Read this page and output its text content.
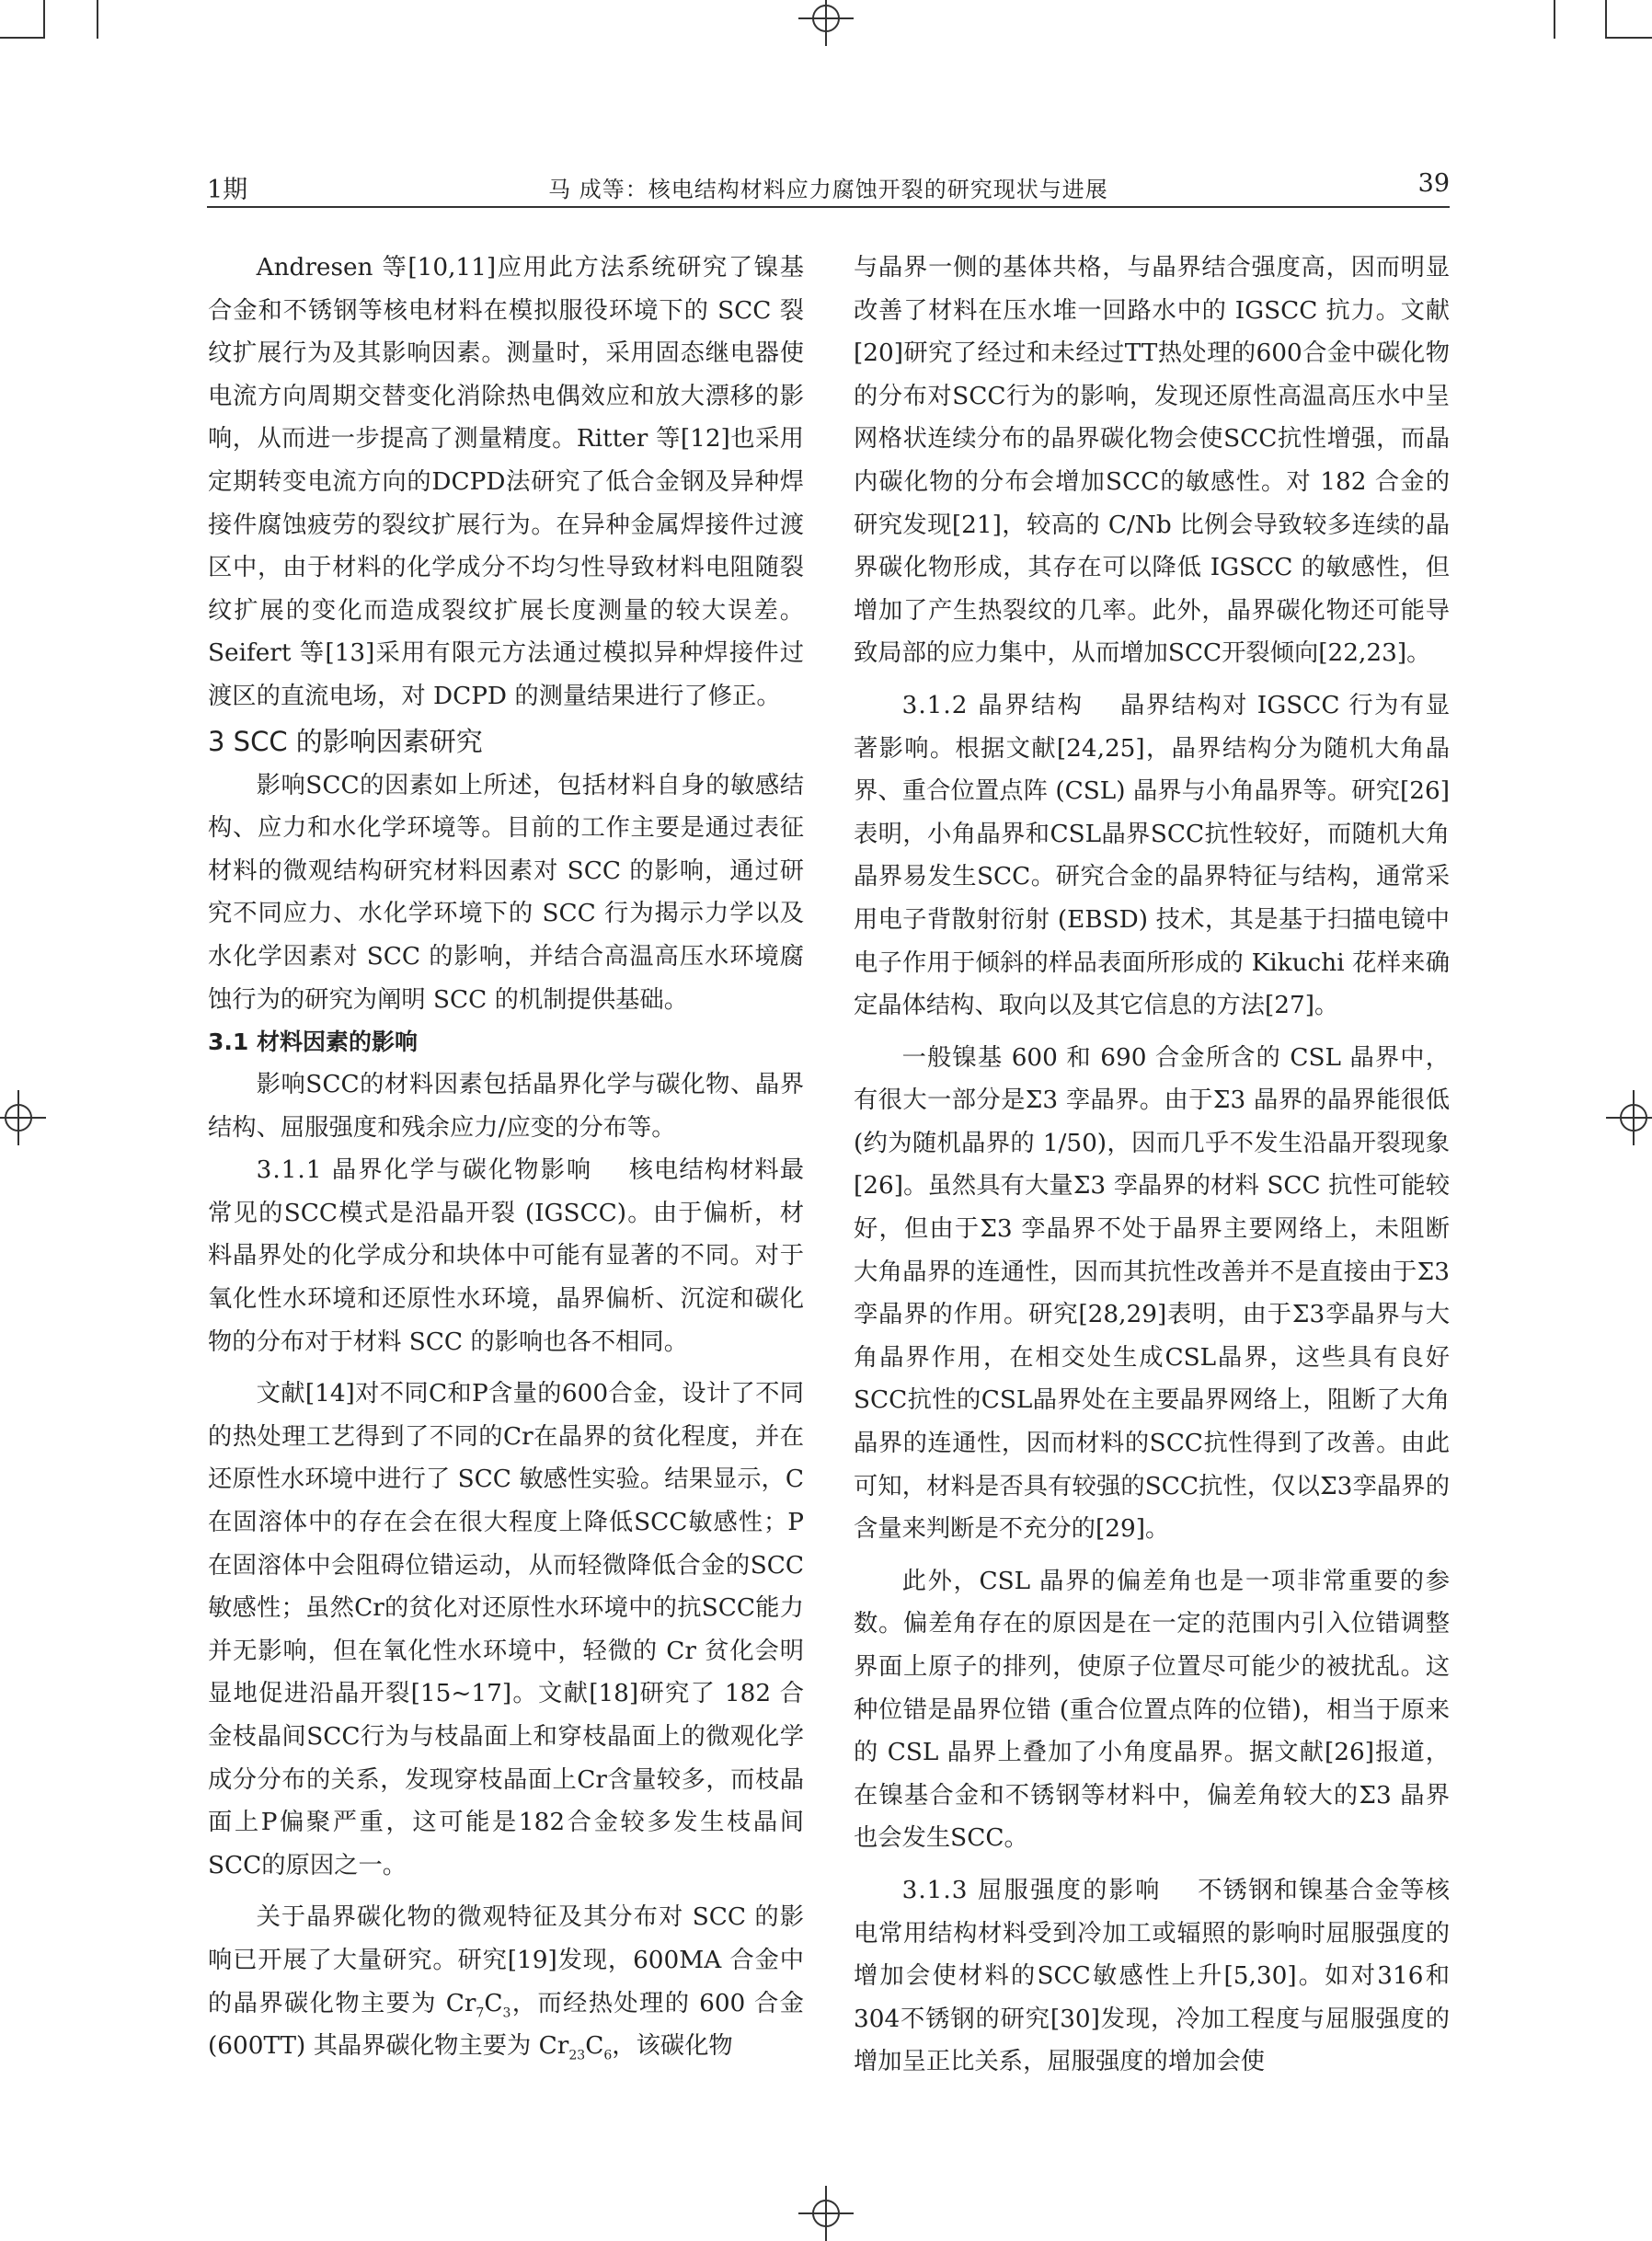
1期	马 成等：核电结构材料应力腐蚀开裂的研究现状与进展	39

Andresen 等[10,11]应用此方法系统研究了镍基合金和不锈钢等核电材料在模拟服役环境下的 SCC 裂纹扩展行为及其影响因素。测量时，采用固态继电器使电流方向周期交替变化消除热电偶效应和放大漂移的影响，从而进一步提高了测量精度。Ritter 等[12]也采用定期转变电流方向的DCPD法研究了低合金钢及异种焊接件腐蚀疲劳的裂纹扩展行为。在异种金属焊接件过渡区中，由于材料的化学成分不均匀性导致材料电阻随裂纹扩展的变化而造成裂纹扩展长度测量的较大误差。Seifert 等[13]采用有限元方法通过模拟异种焊接件过渡区的直流电场，对 DCPD 的测量结果进行了修正。

3 SCC 的影响因素研究

影响SCC的因素如上所述，包括材料自身的敏感结构、应力和水化学环境等。目前的工作主要是通过表征材料的微观结构研究材料因素对 SCC 的影响，通过研究不同应力、水化学环境下的 SCC 行为揭示力学以及水化学因素对 SCC 的影响，并结合高温高压水环境腐蚀行为的研究为阐明 SCC 的机制提供基础。

3.1 材料因素的影响

影响SCC的材料因素包括晶界化学与碳化物、晶界结构、屈服强度和残余应力/应变的分布等。

3.1.1 晶界化学与碳化物影响 核电结构材料最常见的SCC模式是沿晶开裂 (IGSCC)。由于偏析，材料晶界处的化学成分和块体中可能有显著的不同。对于氧化性水环境和还原性水环境，晶界偏析、沉淀和碳化物的分布对于材料 SCC 的影响也各不相同。

文献[14]对不同C和P含量的600合金，设计了不同的热处理工艺得到了不同的Cr在晶界的贫化程度，并在还原性水环境中进行了 SCC 敏感性实验。结果显示，C在固溶体中的存在会在很大程度上降低SCC敏感性；P在固溶体中会阻碍位错运动，从而轻微降低合金的SCC敏感性；虽然Cr的贫化对还原性水环境中的抗SCC能力并无影响，但在氧化性水环境中，轻微的 Cr 贫化会明显地促进沿晶开裂[15~17]。文献[18]研究了 182 合金枝晶间SCC行为与枝晶面上和穿枝晶面上的微观化学成分分布的关系，发现穿枝晶面上Cr含量较多，而枝晶面上P偏聚严重，这可能是182合金较多发生枝晶间SCC的原因之一。

关于晶界碳化物的微观特征及其分布对 SCC 的影响已开展了大量研究。研究[19]发现，600MA 合金中的晶界碳化物主要为 $Cr_7C_3$，而经热处理的 600 合金 (600TT) 其晶界碳化物主要为 $Cr_{23}C_6$，该碳化物

与晶界一侧的基体共格，与晶界结合强度高，因而明显改善了材料在压水堆一回路水中的 IGSCC 抗力。文献[20]研究了经过和未经过TT热处理的600合金中碳化物的分布对SCC行为的影响，发现还原性高温高压水中呈网格状连续分布的晶界碳化物会使SCC抗性增强，而晶内碳化物的分布会增加SCC的敏感性。对 182 合金的研究发现[21]，较高的 C/Nb 比例会导致较多连续的晶界碳化物形成，其存在可以降低 IGSCC 的敏感性，但增加了产生热裂纹的几率。此外，晶界碳化物还可能导致局部的应力集中，从而增加SCC开裂倾向[22,23]。

3.1.2 晶界结构 晶界结构对 IGSCC 行为有显著影响。根据文献[24,25]，晶界结构分为随机大角晶界、重合位置点阵 (CSL) 晶界与小角晶界等。研究[26]表明，小角晶界和CSL晶界SCC抗性较好，而随机大角晶界易发生SCC。研究合金的晶界特征与结构，通常采用电子背散射衍射 (EBSD) 技术，其是基于扫描电镜中电子作用于倾斜的样品表面所形成的 Kikuchi 花样来确定晶体结构、取向以及其它信息的方法[27]。

一般镍基 600 和 690 合金所含的 CSL 晶界中，有很大一部分是Σ3 孪晶界。由于Σ3 晶界的晶界能很低 (约为随机晶界的 1/50)，因而几乎不发生沿晶开裂现象[26]。虽然具有大量Σ3 孪晶界的材料 SCC 抗性可能较好，但由于Σ3 孪晶界不处于晶界主要网络上，未阻断大角晶界的连通性，因而其抗性改善并不是直接由于Σ3 孪晶界的作用。研究[28,29]表明，由于Σ3孪晶界与大角晶界作用，在相交处生成CSL晶界，这些具有良好SCC抗性的CSL晶界处在主要晶界网络上，阻断了大角晶界的连通性，因而材料的SCC抗性得到了改善。由此可知，材料是否具有较强的SCC抗性，仅以Σ3孪晶界的含量来判断是不充分的[29]。

此外，CSL 晶界的偏差角也是一项非常重要的参数。偏差角存在的原因是在一定的范围内引入位错调整界面上原子的排列，使原子位置尽可能少的被扰乱。这种位错是晶界位错 (重合位置点阵的位错)，相当于原来的 CSL 晶界上叠加了小角度晶界。据文献[26]报道，在镍基合金和不锈钢等材料中，偏差角较大的Σ3 晶界也会发生SCC。

3.1.3 屈服强度的影响 不锈钢和镍基合金等核电常用结构材料受到冷加工或辐照的影响时屈服强度的增加会使材料的SCC敏感性上升[5,30]。如对316和304不锈钢的研究[30]发现，冷加工程度与屈服强度的增加呈正比关系，屈服强度的增加会使
